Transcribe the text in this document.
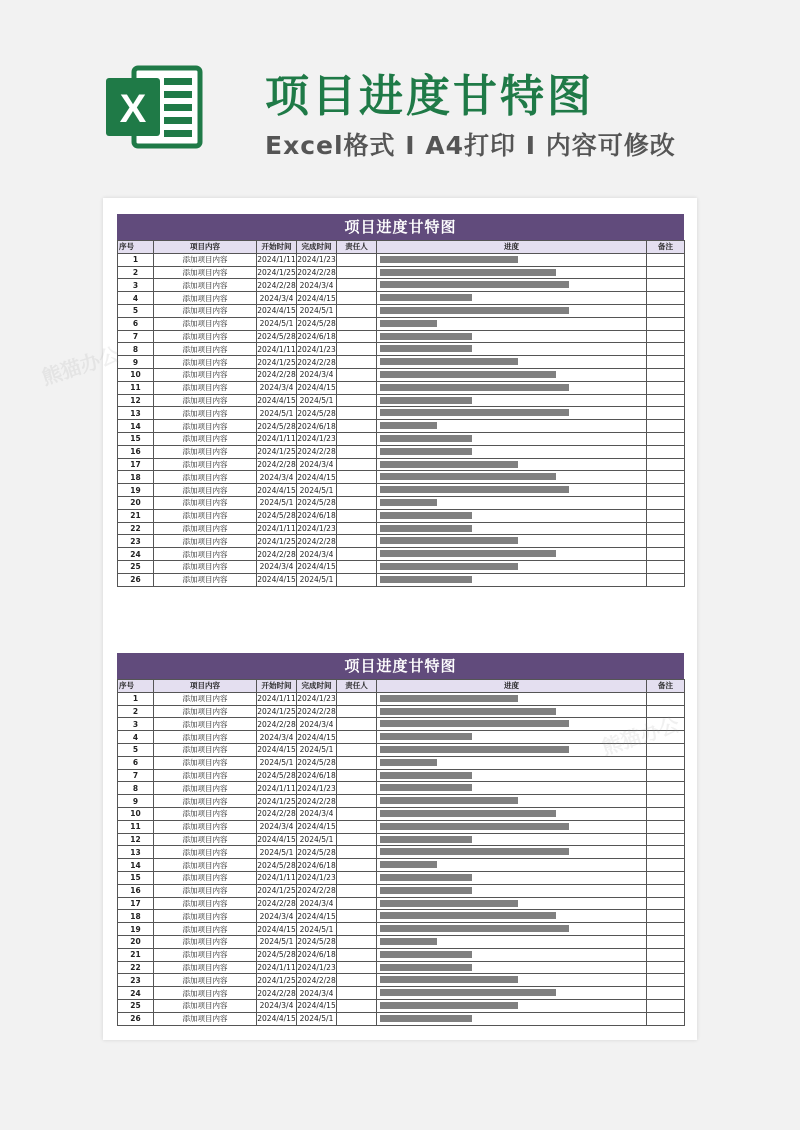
X	项目进度甘特图
Excel格式 I A4打印 I 内容可修改
项目进度甘特图
序号	项目内容	开始时间	完成时间	责任人	进度	备注
1	添加项目内容	2024/1/11	2024/1/23		

2	添加项目内容	2024/1/25	2024/2/28		

3	添加项目内容	2024/2/28	2024/3/4		

4	添加项目内容	2024/3/4	2024/4/15		

5	添加项目内容	2024/4/15	2024/5/1		

6	添加项目内容	2024/5/1	2024/5/28		

7	添加项目内容	2024/5/28	2024/6/18		

8	添加项目内容	2024/1/11	2024/1/23		

9	添加项目内容	2024/1/25	2024/2/28		

10	添加项目内容	2024/2/28	2024/3/4		

11	添加项目内容	2024/3/4	2024/4/15		

12	添加项目内容	2024/4/15	2024/5/1		

13	添加项目内容	2024/5/1	2024/5/28		

14	添加项目内容	2024/5/28	2024/6/18		

15	添加项目内容	2024/1/11	2024/1/23		

16	添加项目内容	2024/1/25	2024/2/28		

17	添加项目内容	2024/2/28	2024/3/4		

18	添加项目内容	2024/3/4	2024/4/15		

19	添加项目内容	2024/4/15	2024/5/1		

20	添加项目内容	2024/5/1	2024/5/28		

21	添加项目内容	2024/5/28	2024/6/18		

22	添加项目内容	2024/1/11	2024/1/23		

23	添加项目内容	2024/1/25	2024/2/28		

24	添加项目内容	2024/2/28	2024/3/4		

25	添加项目内容	2024/3/4	2024/4/15		

26	添加项目内容	2024/4/15	2024/5/1		

项目进度甘特图
序号	项目内容	开始时间	完成时间	责任人	进度	备注
1	添加项目内容	2024/1/11	2024/1/23		

2	添加项目内容	2024/1/25	2024/2/28		

3	添加项目内容	2024/2/28	2024/3/4		

4	添加项目内容	2024/3/4	2024/4/15		

5	添加项目内容	2024/4/15	2024/5/1		

6	添加项目内容	2024/5/1	2024/5/28		

7	添加项目内容	2024/5/28	2024/6/18		

8	添加项目内容	2024/1/11	2024/1/23		

9	添加项目内容	2024/1/25	2024/2/28		

10	添加项目内容	2024/2/28	2024/3/4		

11	添加项目内容	2024/3/4	2024/4/15		

12	添加项目内容	2024/4/15	2024/5/1		

13	添加项目内容	2024/5/1	2024/5/28		

14	添加项目内容	2024/5/28	2024/6/18		

15	添加项目内容	2024/1/11	2024/1/23		

16	添加项目内容	2024/1/25	2024/2/28		

17	添加项目内容	2024/2/28	2024/3/4		

18	添加项目内容	2024/3/4	2024/4/15		

19	添加项目内容	2024/4/15	2024/5/1		

20	添加项目内容	2024/5/1	2024/5/28		

21	添加项目内容	2024/5/28	2024/6/18		

22	添加项目内容	2024/1/11	2024/1/23		

23	添加项目内容	2024/1/25	2024/2/28		

24	添加项目内容	2024/2/28	2024/3/4		

25	添加项目内容	2024/3/4	2024/4/15		

26	添加项目内容	2024/4/15	2024/5/1		

熊猫办公
